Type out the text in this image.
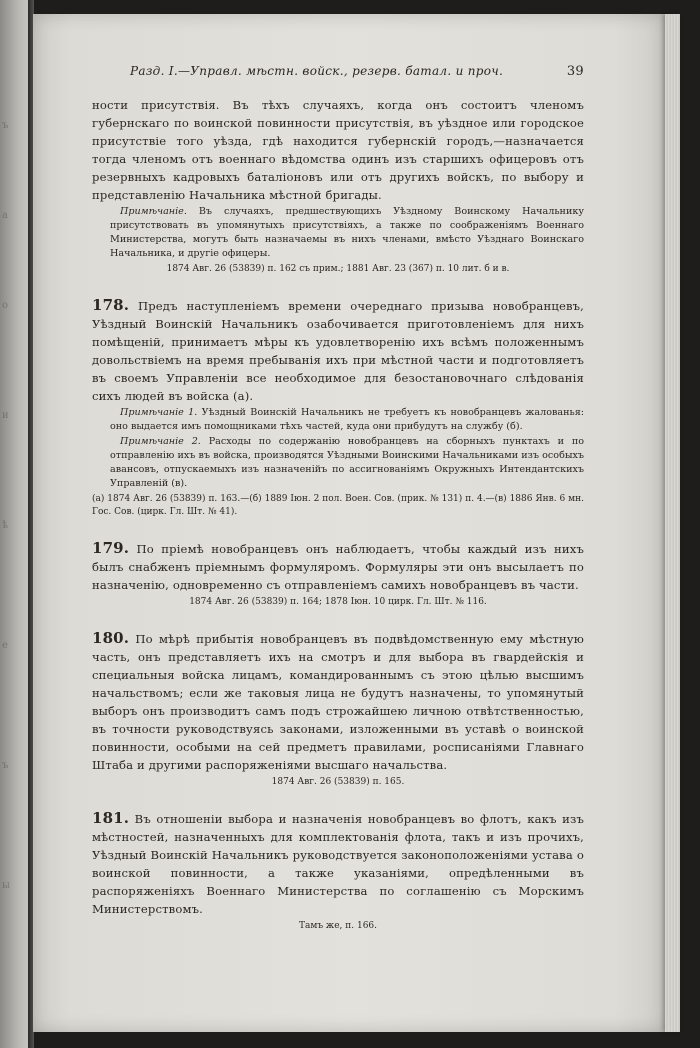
ъ
а
о
и
ѣ
е
ъ
ы
Разд. I.—Управл. мѣстн. войск., резерв. батал. и проч.	39

ности присутствія. Въ тѣхъ случаяхъ, когда онъ состоитъ членомъ губернскаго по воинской повинности присутствія, въ уѣздное или городское присутствіе того уѣзда, гдѣ находится губернскій городъ,—назначается тогда членомъ отъ военнаго вѣдомства одинъ изъ старшихъ офицеровъ отъ резервныхъ кадровыхъ баталіоновъ или отъ другихъ войскъ, по выбору и представленію Начальника мѣстной бригады.

Примѣчаніе. Въ случаяхъ, предшествующихъ Уѣздному Воинскому Начальнику присутствовать въ упомянутыхъ присутствіяхъ, а также по соображеніямъ Военнаго Министерства, могутъ быть назначаемы въ нихъ членами, вмѣсто Уѣзднаго Воинскаго Начальника, и другіе офицеры.

1874 Авг. 26 (53839) п. 162 съ прим.; 1881 Авг. 23 (367) п. 10 лит. б и в.

178. Предъ наступленіемъ времени очереднаго призыва новобранцевъ, Уѣздный Воинскій Начальникъ озабочивается приготовленіемъ для нихъ помѣщеній, принимаетъ мѣры къ удовлетворенію ихъ всѣмъ положеннымъ довольствіемъ на время пребыванія ихъ при мѣстной части и подготовляетъ въ своемъ Управленіи все необходимое для безостановочнаго слѣдованія сихъ людей въ войска (а).

Примѣчаніе 1. Уѣздный Воинскій Начальникъ не требуетъ къ новобранцевъ жалованья: оно выдается имъ помощниками тѣхъ частей, куда они прибудутъ на службу (б).

Примѣчаніе 2. Расходы по содержанію новобранцевъ на сборныхъ пунктахъ и по отправленію ихъ въ войска, производятся Уѣздными Воинскими Начальниками изъ особыхъ авансовъ, отпускаемыхъ изъ назначенійъ по ассигнованіямъ Окружныхъ Интендантскихъ Управленій (в).

(а) 1874 Авг. 26 (53839) п. 163.—(б) 1889 Іюн. 2 пол. Воен. Сов. (прик. № 131) п. 4.—(в) 1886 Янв. 6 мн. Гос. Сов. (цирк. Гл. Шт. № 41).

179. По пріемѣ новобранцевъ онъ наблюдаетъ, чтобы каждый изъ нихъ былъ снабженъ пріемнымъ формуляромъ. Формуляры эти онъ высылаетъ по назначенію, одновременно съ отправленіемъ самихъ новобранцевъ въ части.

1874 Авг. 26 (53839) п. 164; 1878 Іюн. 10 цирк. Гл. Шт. № 116.

180. По мѣрѣ прибытія новобранцевъ въ подвѣдомственную ему мѣстную часть, онъ представляетъ ихъ на смотръ и для выбора въ гвардейскія и специальныя войска лицамъ, командированнымъ съ этою цѣлью высшимъ начальствомъ; если же таковыя лица не будутъ назначены, то упомянутый выборъ онъ производитъ самъ подъ строжайшею личною отвѣтственностью, въ точности руководствуясь законами, изложенными въ уставѣ о воинской повинности, особыми на сей предметъ правилами, росписаніями Главнаго Штаба и другими распоряженіями высшаго начальства.

1874 Авг. 26 (53839) п. 165.

181. Въ отношеніи выбора и назначенія новобранцевъ во флотъ, какъ изъ мѣстностей, назначенныхъ для комплектованія флота, такъ и изъ прочихъ, Уѣздный Воинскій Начальникъ руководствуется законоположеніями устава о воинской повинности, а также указаніями, опредѣленными въ распоряженіяхъ Военнаго Министерства по соглашенію съ Морскимъ Министерствомъ.

Тамъ же, п. 166.
